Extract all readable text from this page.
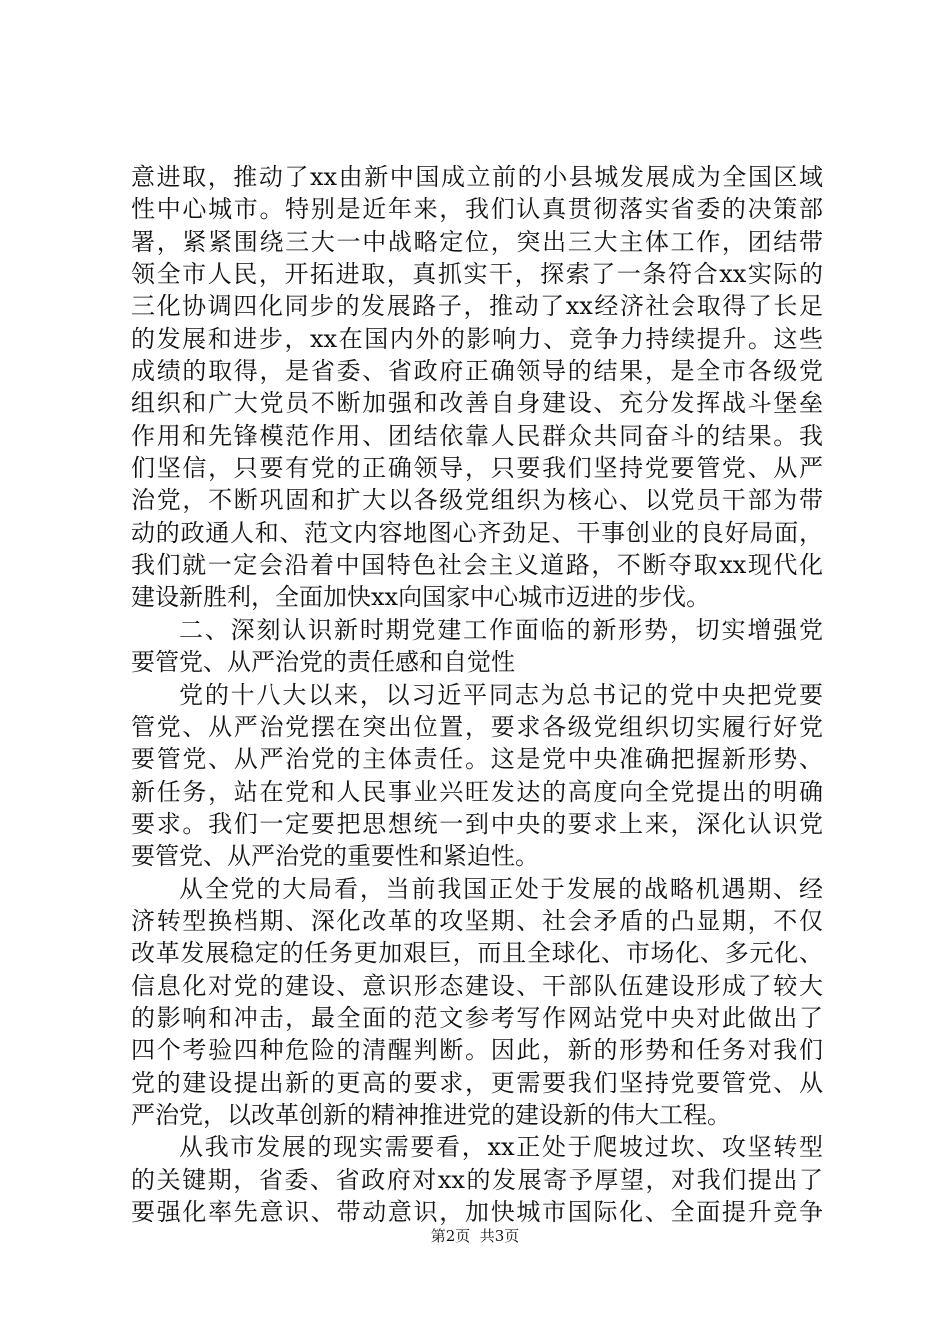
意进取，推动了xx由新中国成立前的小县城发展成为全国区域
性中心城市。特别是近年来，我们认真贯彻落实省委的决策部
署，紧紧围绕三大一中战略定位，突出三大主体工作，团结带
领全市人民，开拓进取，真抓实干，探索了一条符合xx实际的
三化协调四化同步的发展路子，推动了xx经济社会取得了长足
的发展和进步，xx在国内外的影响力、竞争力持续提升。这些
成绩的取得，是省委、省政府正确领导的结果，是全市各级党
组织和广大党员不断加强和改善自身建设、充分发挥战斗堡垒
作用和先锋模范作用、团结依靠人民群众共同奋斗的结果。我
们坚信，只要有党的正确领导，只要我们坚持党要管党、从严
治党，不断巩固和扩大以各级党组织为核心、以党员干部为带
动的政通人和、范文内容地图心齐劲足、干事创业的良好局面，
我们就一定会沿着中国特色社会主义道路，不断夺取xx现代化
建设新胜利，全面加快xx向国家中心城市迈进的步伐。
二、深刻认识新时期党建工作面临的新形势，切实增强党
要管党、从严治党的责任感和自觉性
党的十八大以来，以习近平同志为总书记的党中央把党要
管党、从严治党摆在突出位置，要求各级党组织切实履行好党
要管党、从严治党的主体责任。这是党中央准确把握新形势、
新任务，站在党和人民事业兴旺发达的高度向全党提出的明确
要求。我们一定要把思想统一到中央的要求上来，深化认识党
要管党、从严治党的重要性和紧迫性。
从全党的大局看，当前我国正处于发展的战略机遇期、经
济转型换档期、深化改革的攻坚期、社会矛盾的凸显期，不仅
改革发展稳定的任务更加艰巨，而且全球化、市场化、多元化、
信息化对党的建设、意识形态建设、干部队伍建设形成了较大
的影响和冲击，最全面的范文参考写作网站党中央对此做出了
四个考验四种危险的清醒判断。因此，新的形势和任务对我们
党的建设提出新的更高的要求，更需要我们坚持党要管党、从
严治党，以改革创新的精神推进党的建设新的伟大工程。
从我市发展的现实需要看，xx正处于爬坡过坎、攻坚转型
的关键期，省委、省政府对xx的发展寄予厚望，对我们提出了
要强化率先意识、带动意识，加快城市国际化、全面提升竞争
第2页  共3页
